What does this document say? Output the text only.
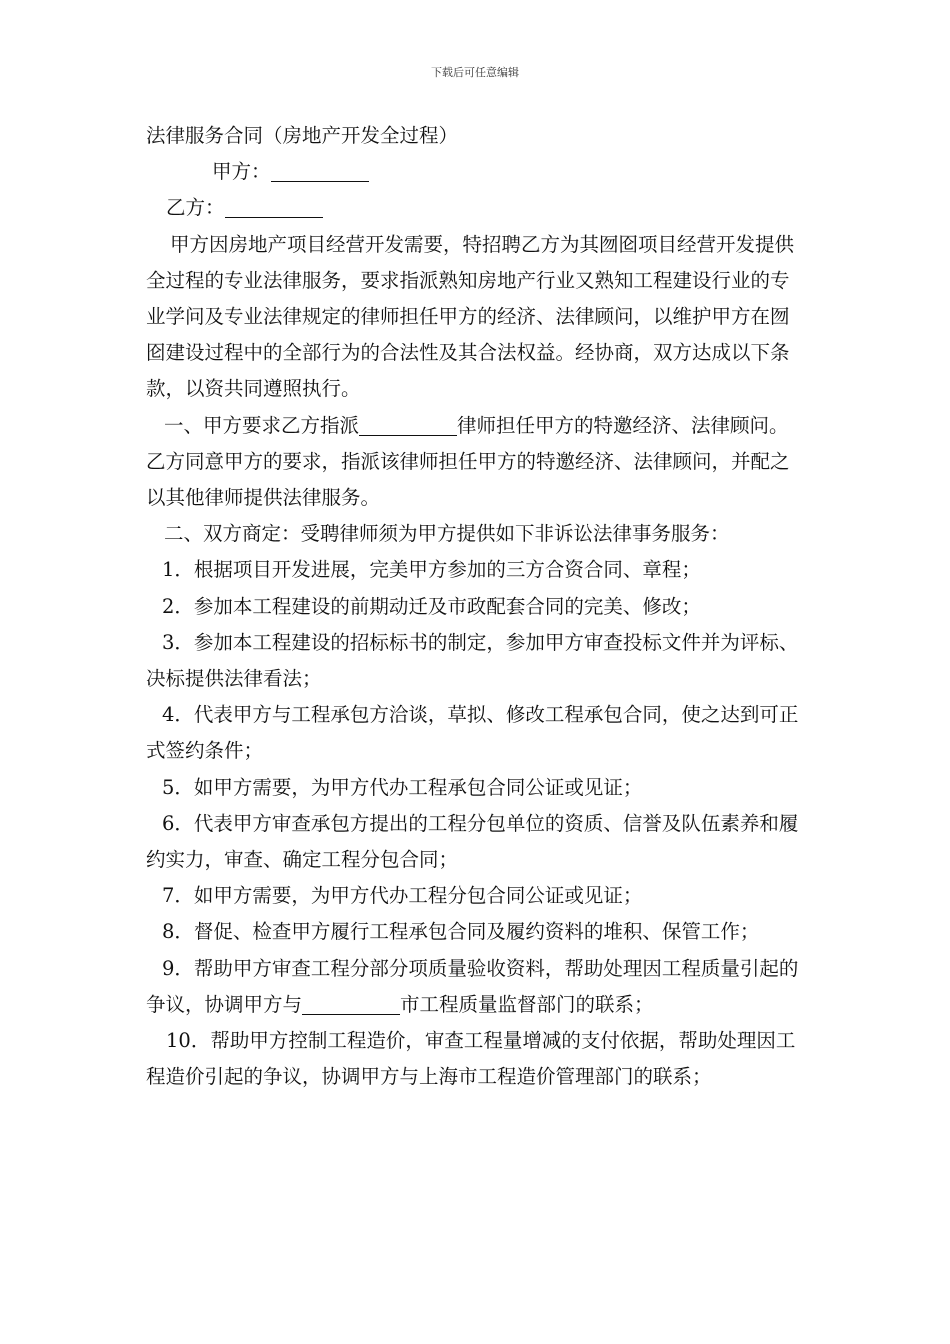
下载后可任意编辑

法律服务合同（房地产开发全过程）

甲方：

乙方：

甲方因房地产项目经营开发需要，特招聘乙方为其囫囵项目经营开发提供全过程的专业法律服务，要求指派熟知房地产行业又熟知工程建设行业的专业学问及专业法律规定的律师担任甲方的经济、法律顾问，以维护甲方在囫囵建设过程中的全部行为的合法性及其合法权益。经协商，双方达成以下条款，以资共同遵照执行。

一、甲方要求乙方指派	律师担任甲方的特邀经济、法律顾问。乙方同意甲方的要求，指派该律师担任甲方的特邀经济、法律顾问，并配之以其他律师提供法律服务。

二、双方商定：受聘律师须为甲方提供如下非诉讼法律事务服务：

1．根据项目开发进展，完美甲方参加的三方合资合同、章程；

2．参加本工程建设的前期动迁及市政配套合同的完美、修改；

3．参加本工程建设的招标标书的制定，参加甲方审查投标文件并为评标、决标提供法律看法；

4．代表甲方与工程承包方洽谈，草拟、修改工程承包合同，使之达到可正式签约条件；

5．如甲方需要，为甲方代办工程承包合同公证或见证；

6．代表甲方审查承包方提出的工程分包单位的资质、信誉及队伍素养和履约实力，审查、确定工程分包合同；

7．如甲方需要，为甲方代办工程分包合同公证或见证；

8．督促、检查甲方履行工程承包合同及履约资料的堆积、保管工作；

9．帮助甲方审查工程分部分项质量验收资料，帮助处理因工程质量引起的争议，协调甲方与	市工程质量监督部门的联系；

10．帮助甲方控制工程造价，审查工程量增减的支付依据，帮助处理因工程造价引起的争议，协调甲方与上海市工程造价管理部门的联系；
